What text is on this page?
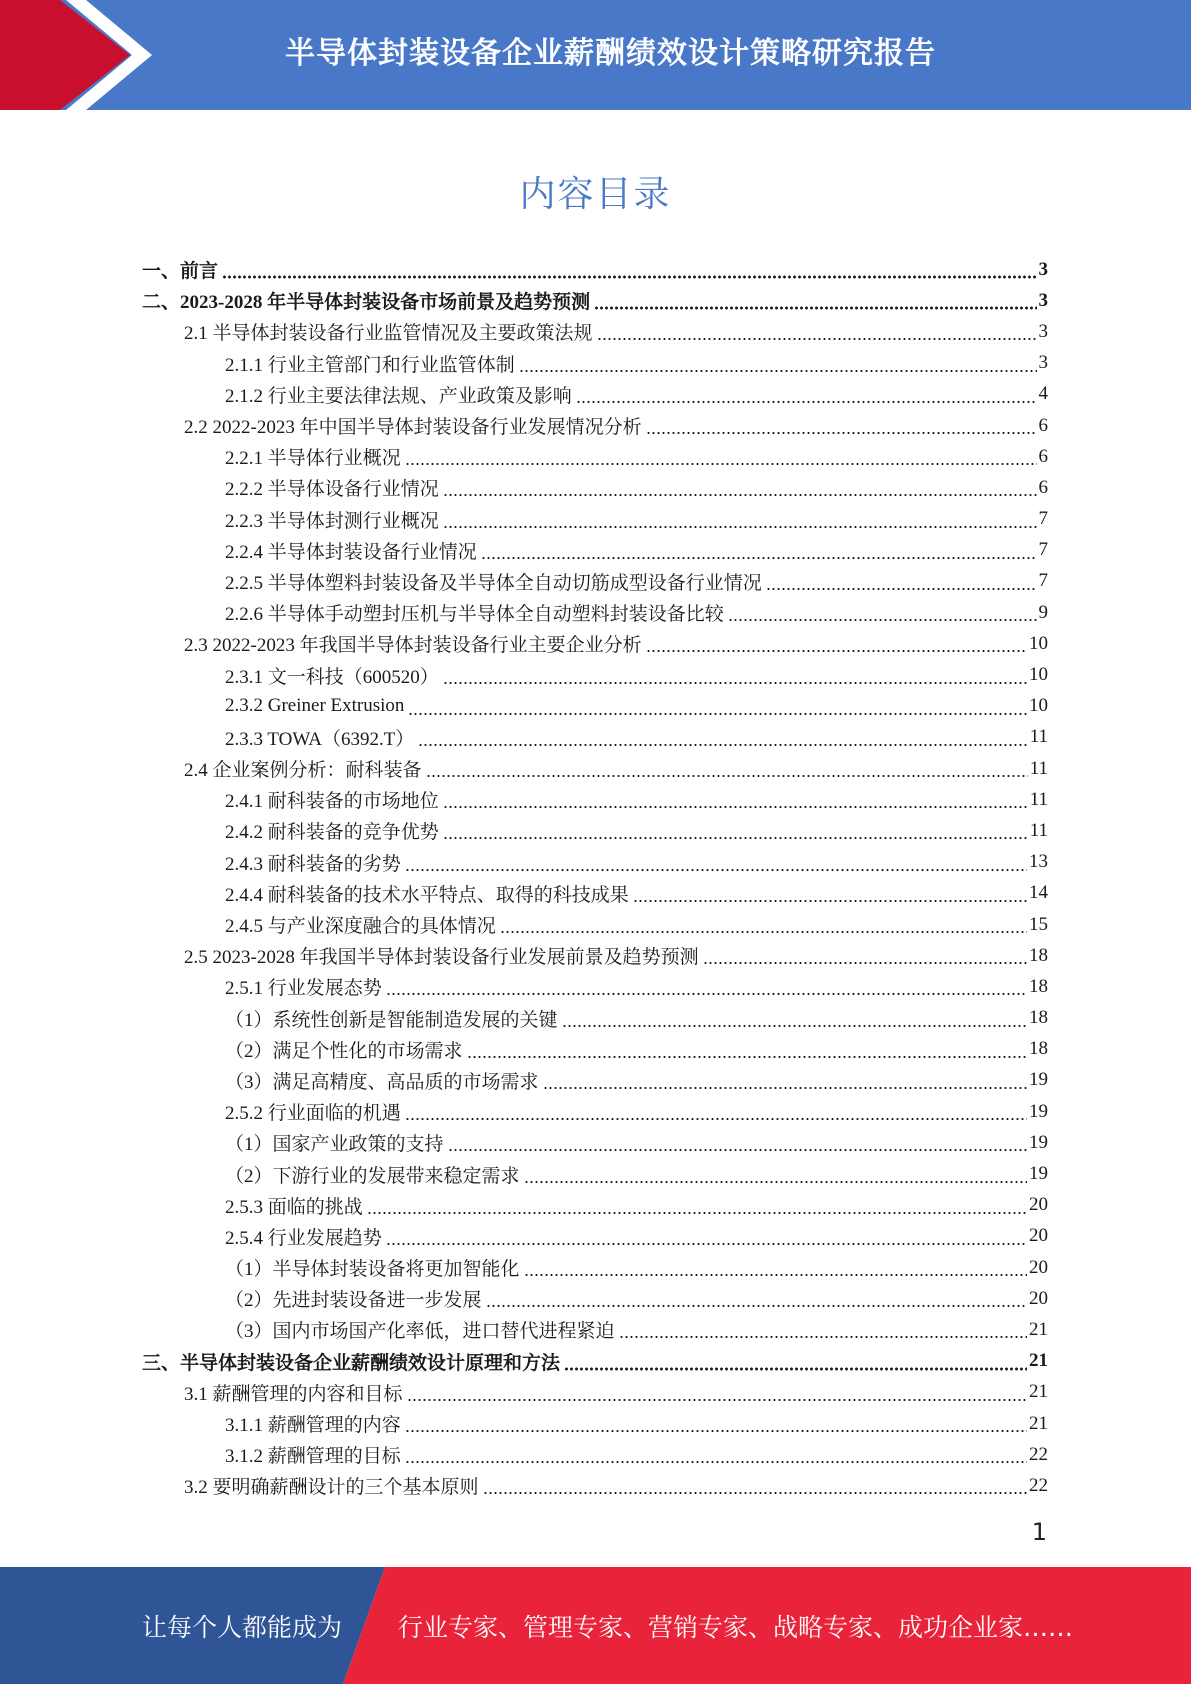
半导体封装设备企业薪酬绩效设计策略研究报告
内容目录
一、前言	3
二、2023-2028 年半导体封装设备市场前景及趋势预测	3
2.1 半导体封装设备行业监管情况及主要政策法规	3
2.1.1 行业主管部门和行业监管体制	3
2.1.2 行业主要法律法规、产业政策及影响	4
2.2 2022-2023 年中国半导体封装设备行业发展情况分析	6
2.2.1 半导体行业概况	6
2.2.2 半导体设备行业情况	6
2.2.3 半导体封测行业概况	7
2.2.4 半导体封装设备行业情况	7
2.2.5 半导体塑料封装设备及半导体全自动切筋成型设备行业情况	7
2.2.6 半导体手动塑封压机与半导体全自动塑料封装设备比较	9
2.3 2022-2023 年我国半导体封装设备行业主要企业分析	10
2.3.1 文一科技（600520）	10
2.3.2 Greiner Extrusion	10
2.3.3 TOWA（6392.T）	11
2.4 企业案例分析：耐科装备	11
2.4.1 耐科装备的市场地位	11
2.4.2 耐科装备的竞争优势	11
2.4.3 耐科装备的劣势	13
2.4.4 耐科装备的技术水平特点、取得的科技成果	14
2.4.5 与产业深度融合的具体情况	15
2.5 2023-2028 年我国半导体封装设备行业发展前景及趋势预测	18
2.5.1 行业发展态势	18
（1）系统性创新是智能制造发展的关键	18
（2）满足个性化的市场需求	18
（3）满足高精度、高品质的市场需求	19
2.5.2 行业面临的机遇	19
（1）国家产业政策的支持	19
（2）下游行业的发展带来稳定需求	19
2.5.3 面临的挑战	20
2.5.4 行业发展趋势	20
（1）半导体封装设备将更加智能化	20
（2）先进封装设备进一步发展	20
（3）国内市场国产化率低，进口替代进程紧迫	21
三、半导体封装设备企业薪酬绩效设计原理和方法	21
3.1 薪酬管理的内容和目标	21
3.1.1 薪酬管理的内容	21
3.1.2 薪酬管理的目标	22
3.2 要明确薪酬设计的三个基本原则	22
1
让每个人都能成为 行业专家、管理专家、营销专家、战略专家、成功企业家……
